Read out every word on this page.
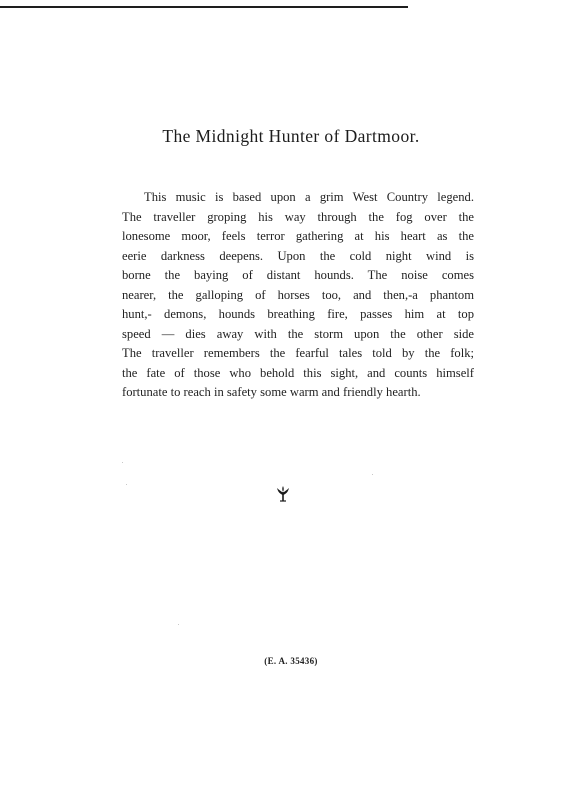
The Midnight Hunter of Dartmoor.

This music is based upon a grim West Country legend.
The traveller groping his way through the fog over the
lonesome moor, feels terror gathering at his heart as the
eerie darkness deepens. Upon the cold night wind is
borne the baying of distant hounds. The noise comes
nearer, the galloping of horses too, and then,-a phantom
hunt,- demons, hounds breathing fire, passes him at top
speed — dies away with the storm upon the other side
The traveller remembers the fearful tales told by the folk;
the fate of those who behold this sight, and counts himself
fortunate to reach in safety some warm and friendly hearth.

(E. A. 35436)
